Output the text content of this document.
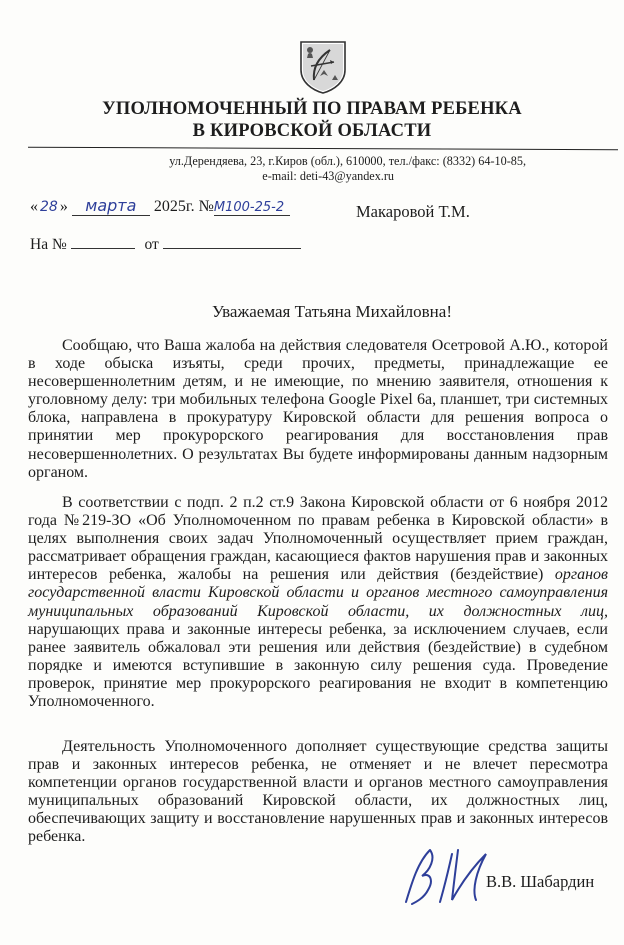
УПОЛНОМОЧЕННЫЙ ПО ПРАВАМ РЕБЕНКА
В КИРОВСКОЙ ОБЛАСТИ
ул.Дерендяева, 23, г.Киров (обл.), 610000, тел./факс: (8332) 64-10-85,
e-mail: deti-43@yandex.ru
« 28 » марта 2025г. №М100-25-2	Макаровой Т.М.
На №	от
Уважаемая Татьяна Михайловна!

Сообщаю, что Ваша жалоба на действия следователя Осетровой А.Ю., которой в ходе обыска изъяты, среди прочих, предметы, принадлежащие ее несовершеннолетним детям, и не имеющие, по мнению заявителя, отношения к уголовному делу: три мобильных телефона Google Pixel 6a, планшет, три системных блока, направлена в прокуратуру Кировской области для решения вопроса о принятии мер прокурорского реагирования для восстановления прав несовершеннолетних. О результатах Вы будете информированы данным надзорным органом.

В соответствии с подп. 2 п.2 ст.9 Закона Кировской области от 6 ноября 2012 года №219-ЗО «Об Уполномоченном по правам ребенка в Кировской области» в целях выполнения своих задач Уполномоченный осуществляет прием граждан, рассматривает обращения граждан, касающиеся фактов нарушения прав и законных интересов ребенка, жалобы на решения или действия (бездействие) органов государственной власти Кировской области и органов местного самоуправления муниципальных образований Кировской области, их должностных лиц, нарушающих права и законные интересы ребенка, за исключением случаев, если ранее заявитель обжаловал эти решения или действия (бездействие) в судебном порядке и имеются вступившие в законную силу решения суда. Проведение проверок, принятие мер прокурорского реагирования не входит в компетенцию Уполномоченного.

Деятельность Уполномоченного дополняет существующие средства защиты прав и законных интересов ребенка, не отменяет и не влечет пересмотра компетенции органов государственной власти и органов местного самоуправления муниципальных образований Кировской области, их должностных лиц, обеспечивающих защиту и восстановление нарушенных прав и законных интересов ребенка.

В.В. Шабардин
